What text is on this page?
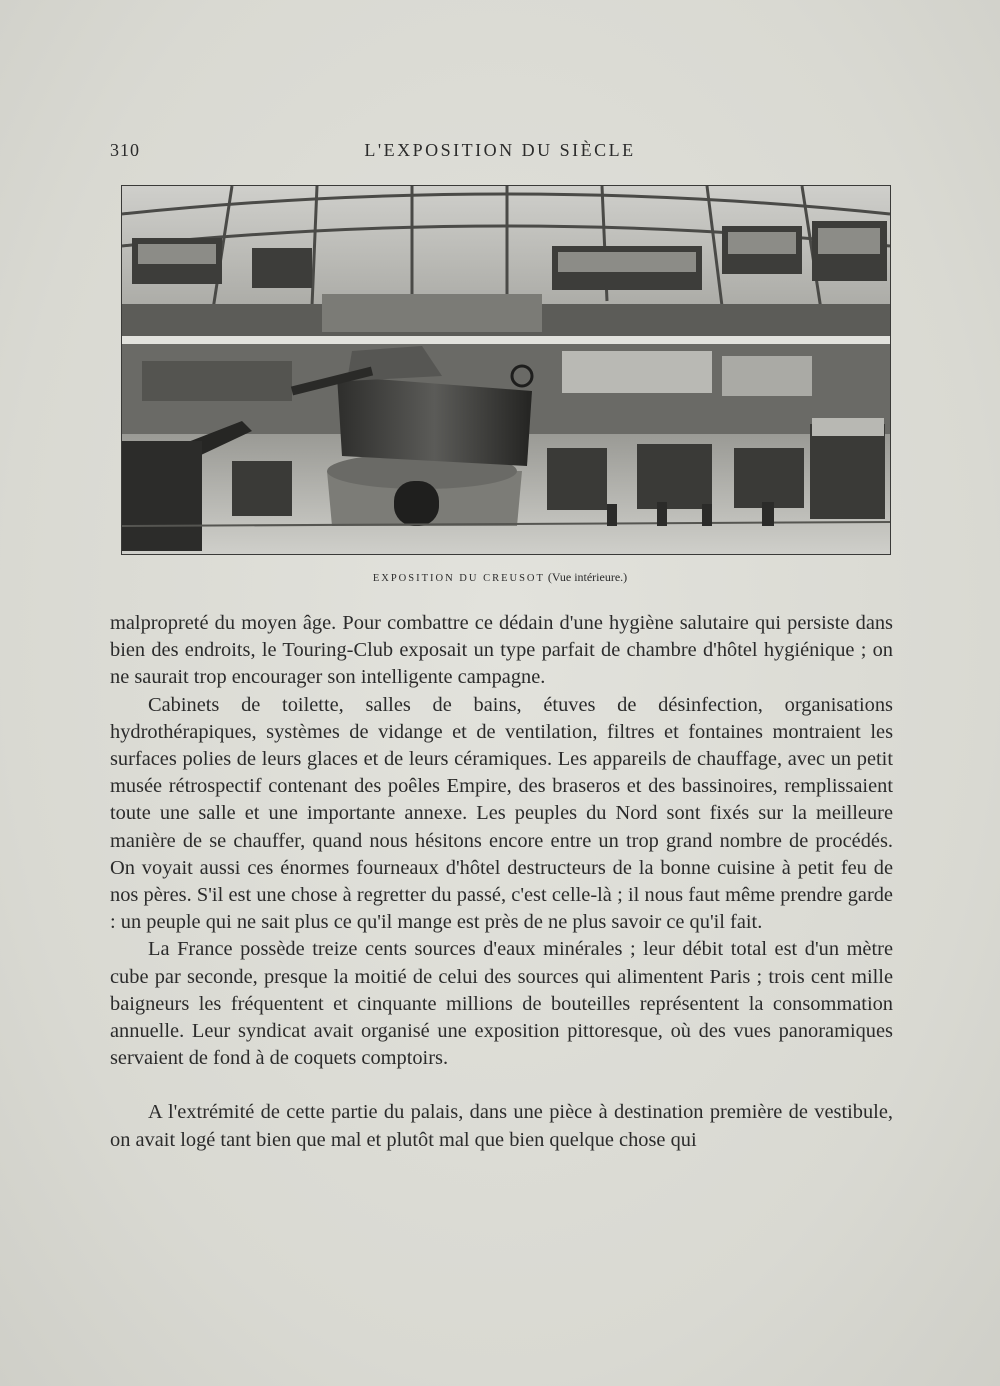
310	L'EXPOSITION DU SIÈCLE
EXPOSITION DU CREUSOT (Vue intérieure.)

malpropreté du moyen âge. Pour combattre ce dédain d'une hygiène salutaire qui persiste dans bien des endroits, le Touring-Club exposait un type parfait de chambre d'hôtel hygiénique ; on ne saurait trop encourager son intelligente campagne.

Cabinets de toilette, salles de bains, étuves de désinfection, organisations hydrothérapiques, systèmes de vidange et de ventilation, filtres et fontaines montraient les surfaces polies de leurs glaces et de leurs céramiques. Les appareils de chauffage, avec un petit musée rétrospectif contenant des poêles Empire, des braseros et des bassinoires, remplissaient toute une salle et une importante annexe. Les peuples du Nord sont fixés sur la meilleure manière de se chauffer, quand nous hésitons encore entre un trop grand nombre de procédés. On voyait aussi ces énormes fourneaux d'hôtel destructeurs de la bonne cuisine à petit feu de nos pères. S'il est une chose à regretter du passé, c'est celle-là ; il nous faut même prendre garde : un peuple qui ne sait plus ce qu'il mange est près de ne plus savoir ce qu'il fait.

La France possède treize cents sources d'eaux minérales ; leur débit total est d'un mètre cube par seconde, presque la moitié de celui des sources qui alimentent Paris ; trois cent mille baigneurs les fréquentent et cinquante millions de bouteilles représentent la consommation annuelle. Leur syndicat avait organisé une exposition pittoresque, où des vues panoramiques servaient de fond à de coquets comptoirs.

A l'extrémité de cette partie du palais, dans une pièce à destination première de vestibule, on avait logé tant bien que mal et plutôt mal que bien quelque chose qui
